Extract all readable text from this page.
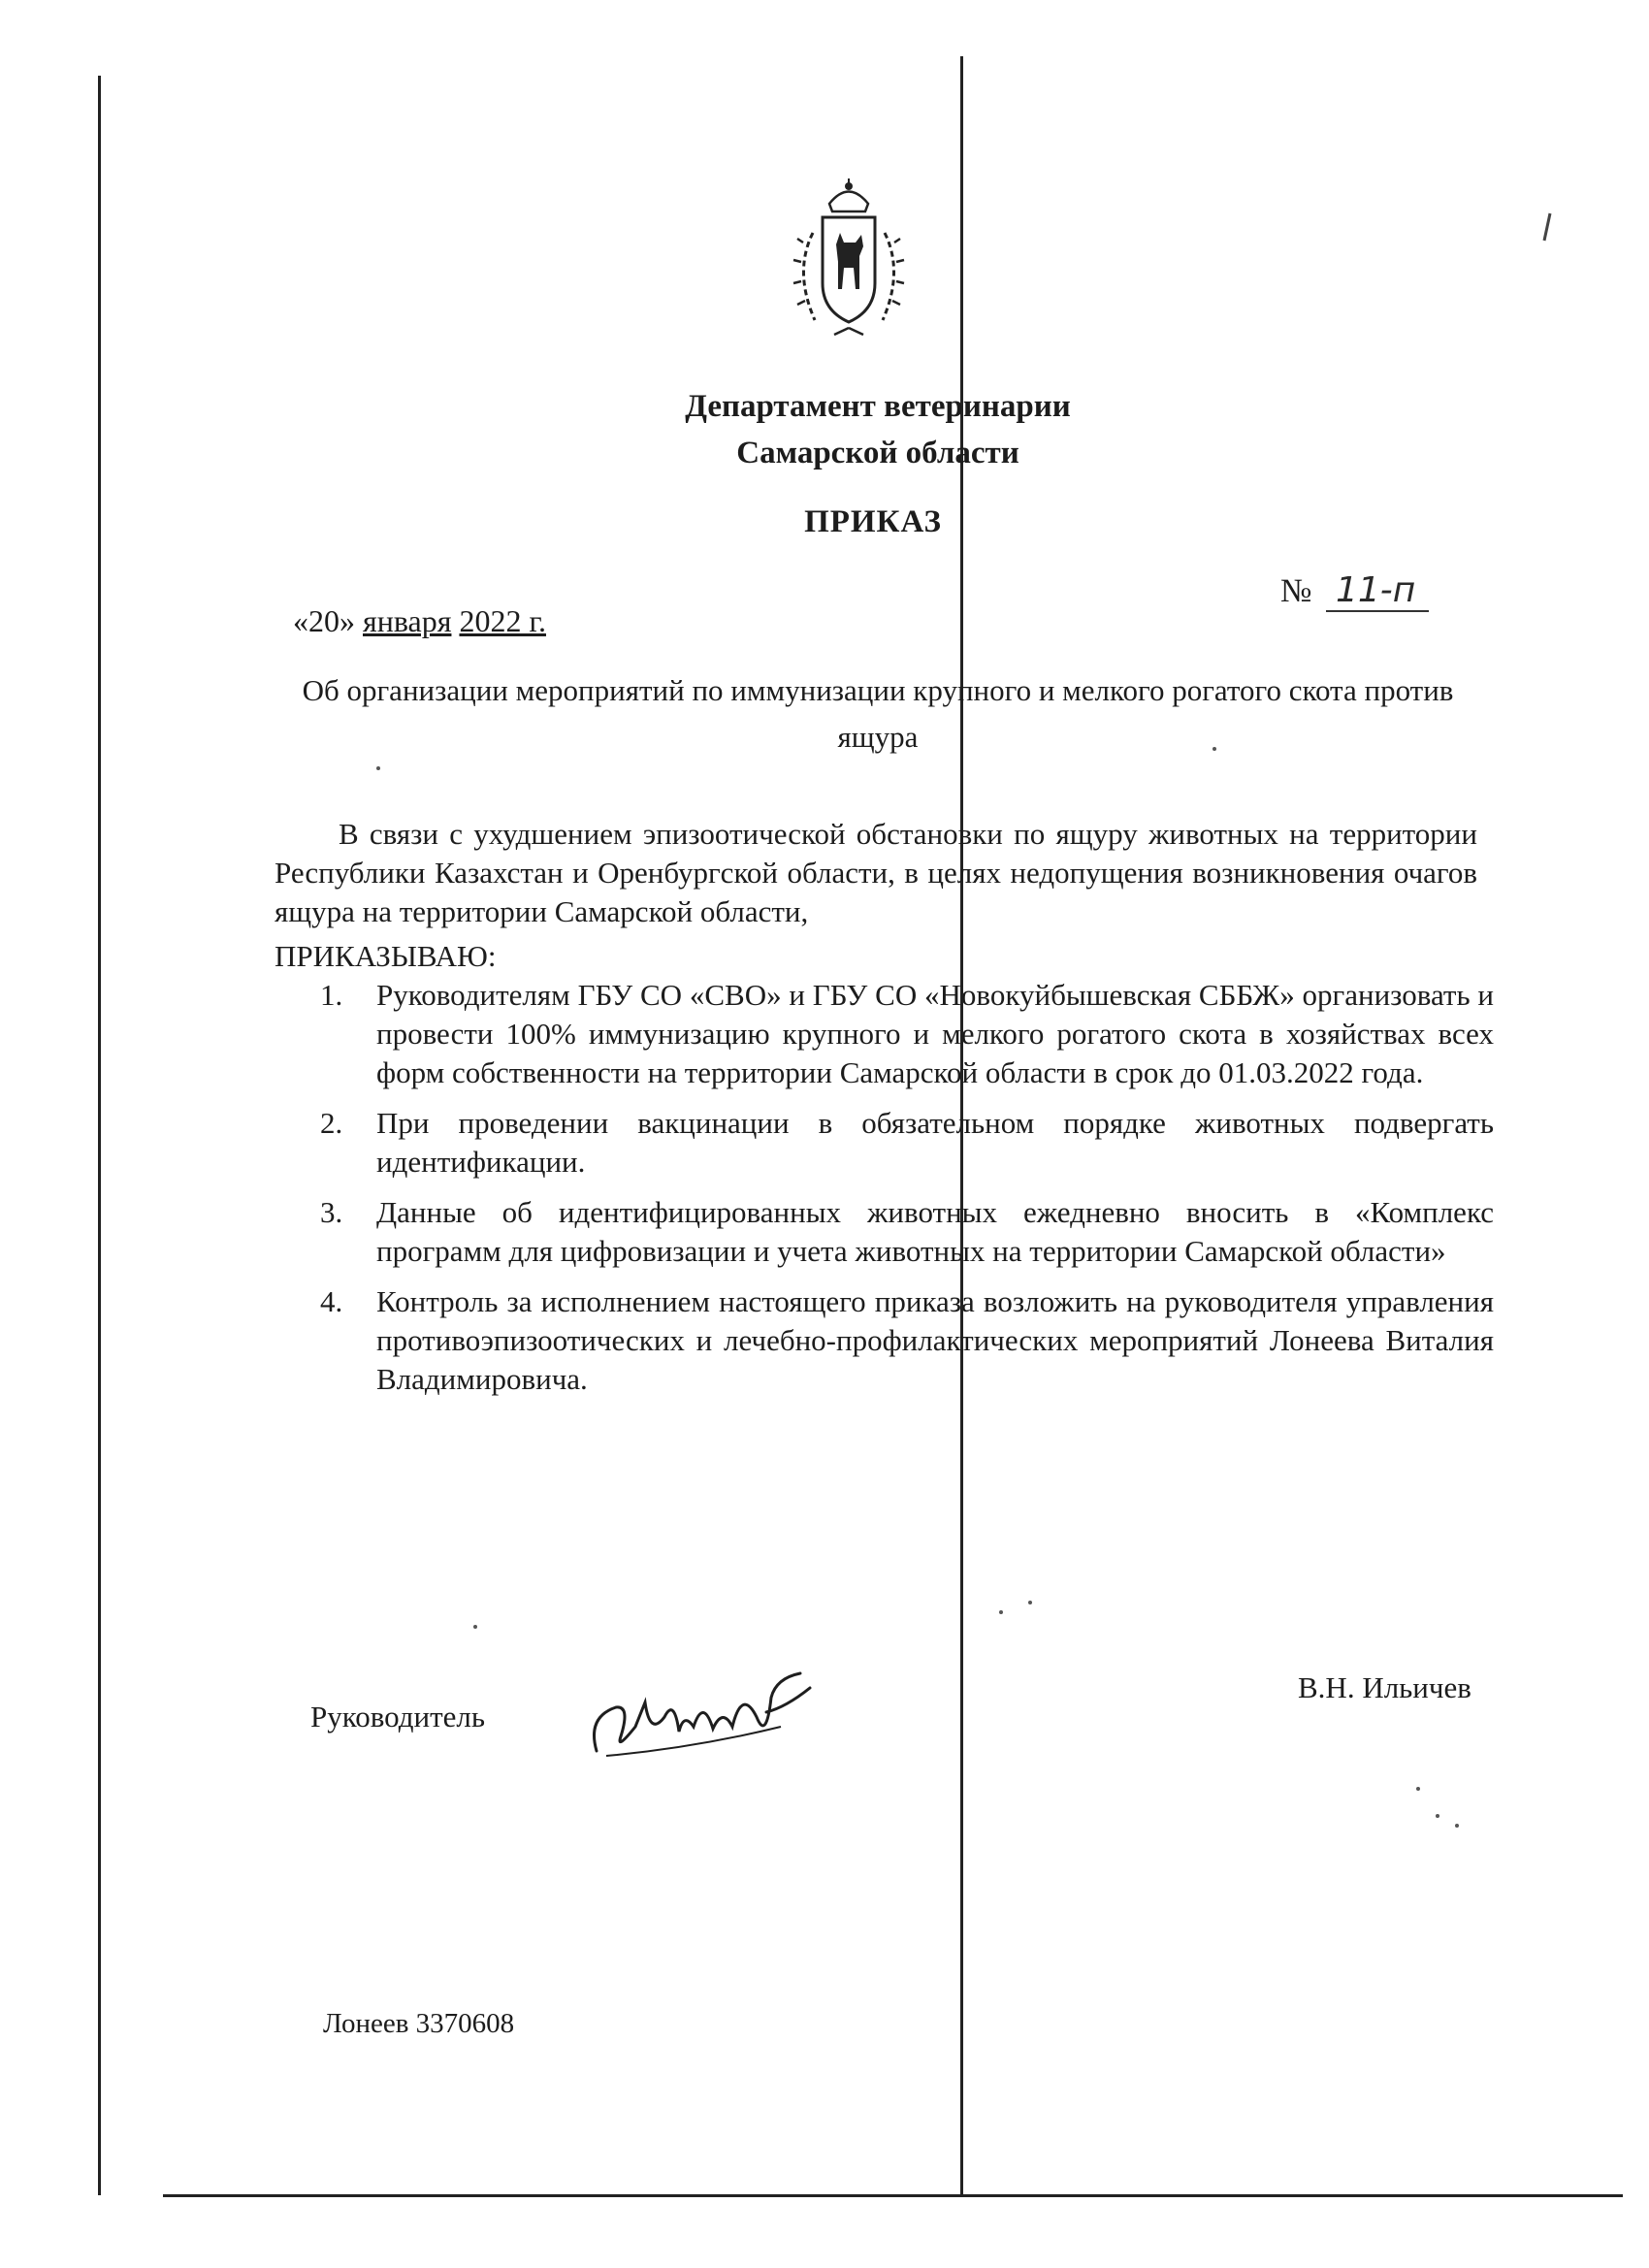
Департамент ветеринарии
Самарской области
ПРИКАЗ
«20» января 2022 г.
№ 11-п
Об организации мероприятий по иммунизации крупного и мелкого рогатого скота против ящура

В связи с ухудшением эпизоотической обстановки по ящуру животных на территории Республики Казахстан и Оренбургской области, в целях недопущения возникновения очагов ящура на территории Самарской области,

ПРИКАЗЫВАЮ:
1. Руководителям ГБУ СО «СВО» и ГБУ СО «Новокуйбышевская СББЖ» организовать и провести 100% иммунизацию крупного и мелкого рогатого скота в хозяйствах всех форм собственности на территории Самарской области в срок до 01.03.2022 года.
2. При проведении вакцинации в обязательном порядке животных подвергать идентификации.
3. Данные об идентифицированных животных ежедневно вносить в «Комплекс программ для цифровизации и учета животных на территории Самарской области»
4. Контроль за исполнением настоящего приказа возложить на руководителя управления противоэпизоотических и лечебно-профилактических мероприятий Лонеева Виталия Владимировича.
Руководитель
В.Н. Ильичев
Лонеев 3370608
